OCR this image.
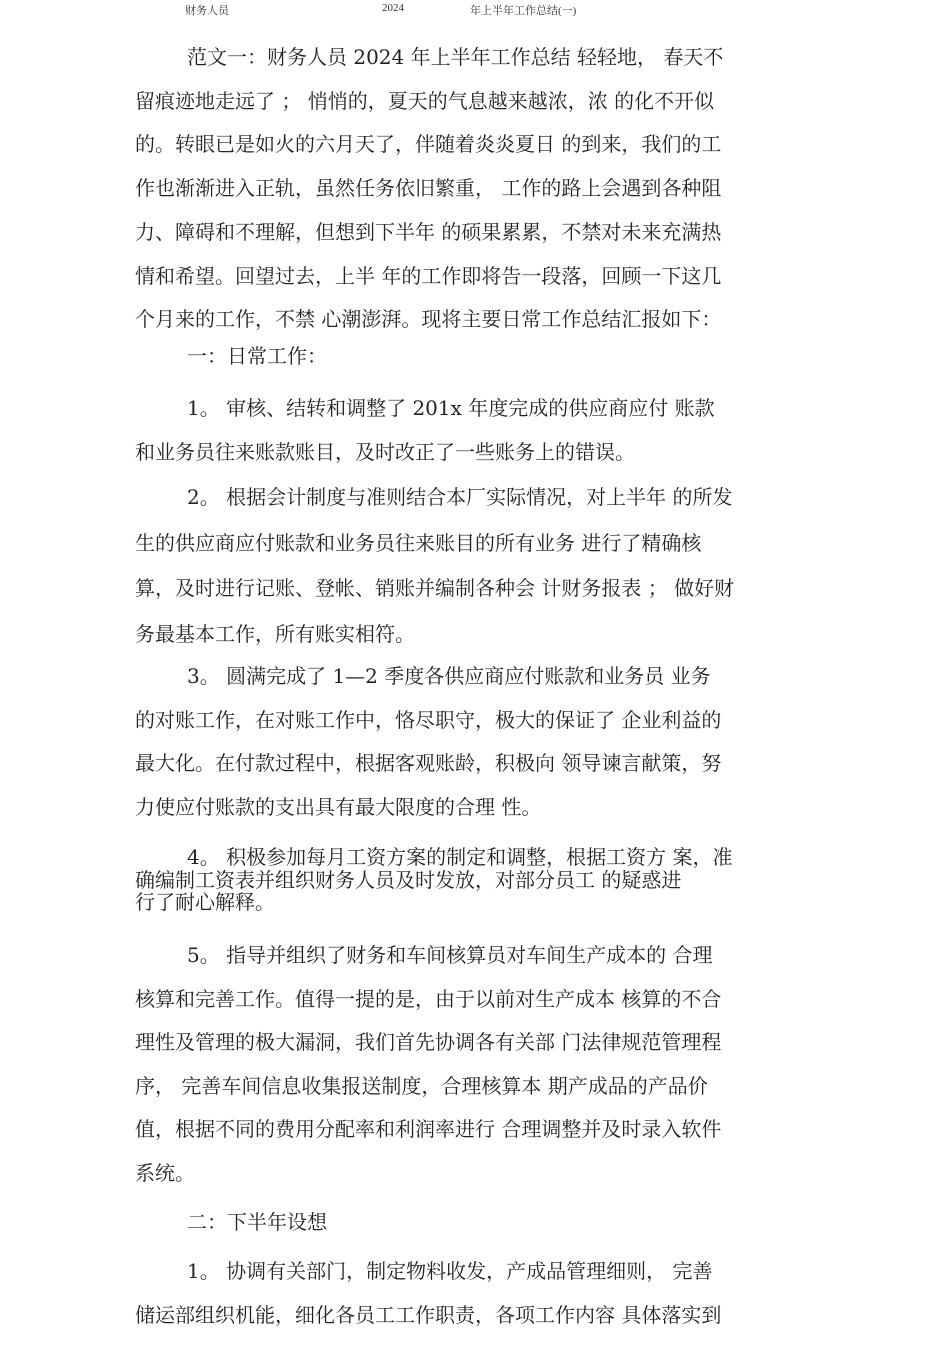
财务人员	2024	年上半年工作总结(一)
范文一：财务人员 2024 年上半年工作总结 轻轻地， 春天不
留痕迹地走远了 ； 悄悄的，夏天的气息越来越浓，浓 的化不开似
的。转眼已是如火的六月天了，伴随着炎炎夏日 的到来，我们的工
作也渐渐进入正轨，虽然任务依旧繁重， 工作的路上会遇到各种阻
力、障碍和不理解，但想到下半年 的硕果累累，不禁对未来充满热
情和希望。回望过去，上半 年的工作即将告一段落，回顾一下这几
个月来的工作，不禁 心潮澎湃。现将主要日常工作总结汇报如下：
一：日常工作：
1。 审核、结转和调整了 201x 年度完成的供应商应付 账款
和业务员往来账款账目，及时改正了一些账务上的错误。
2。 根据会计制度与准则结合本厂实际情况，对上半年 的所发
生的供应商应付账款和业务员往来账目的所有业务 进行了精确核
算，及时进行记账、登帐、销账并编制各种会 计财务报表 ； 做好财
务最基本工作，所有账实相符。
3。 圆满完成了 1—2 季度各供应商应付账款和业务员 业务
的对账工作，在对账工作中，恪尽职守，极大的保证了 企业利益的
最大化。在付款过程中，根据客观账龄，积极向 领导谏言献策，努
力使应付账款的支出具有最大限度的合理 性。
4。 积极参加每月工资方案的制定和调整，根据工资方 案，准
确编制工资表并组织财务人员及时发放，对部分员工 的疑惑进
行了耐心解释。
5。 指导并组织了财务和车间核算员对车间生产成本的 合理
核算和完善工作。值得一提的是，由于以前对生产成本 核算的不合
理性及管理的极大漏洞，我们首先协调各有关部 门法律规范管理程
序， 完善车间信息收集报送制度，合理核算本 期产成品的产品价
值，根据不同的费用分配率和利润率进行 合理调整并及时录入软件
系统。
二：下半年设想
1。 协调有关部门，制定物料收发，产成品管理细则， 完善
储运部组织机能，细化各员工工作职责，各项工作内容 具体落实到
